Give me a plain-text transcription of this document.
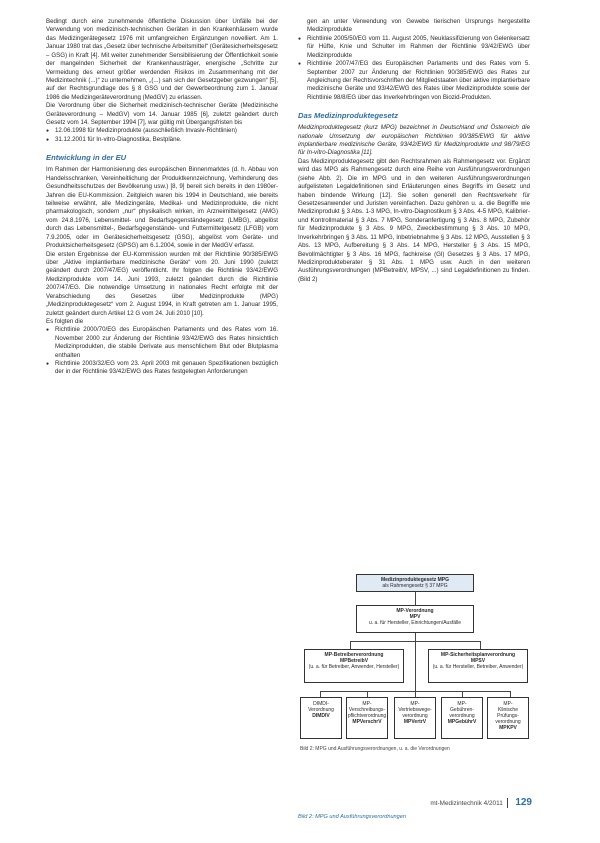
Bedingt durch eine zunehmende öffentliche Diskussion über Unfälle bei der Verwendung von medizinisch-technischen Geräten in den Krankenhäusern wurde das Medizingerätegesetz 1976 mit umfangreichen Ergänzungen novelliert. Am 1. Januar 1980 trat das „Gesetz über technische Arbeitsmittel“ (Gerätesicherheitsgesetz – GSG) in Kraft [4]. Mit weiter zunehmender Sensibilisierung der Öffentlichkeit sowie der mangelnden Sicherheit der Krankenhausträger, energische „Schritte zur Vermeidung des erneut größer werdenden Risikos im Zusammenhang mit der Medizintechnik (...)“ zu unternehmen, „(...) sah sich der Gesetzgeber gezwungen“ [5], auf der Rechtsgrundlage des § 8 GSG und der Gewerbeordnung zum 1. Januar 1986 die Medizingeräteverordnung (MedGV) zu erlassen.

Die Verordnung über die Sicherheit medizinisch-technischer Geräte (Medizinische Geräteverordnung – MedGV) vom 14. Januar 1985 [6], zuletzt geändert durch Gesetz vom 14. September 1994 [7], war gültig mit Übergangsfristen bis

● 12.06.1998 für Medizinprodukte (ausschließlich Invasiv-Richtlinien)

● 31.12.2001 für In-vitro-Diagnostika, Bestpläne.

Entwicklung in der EU

Im Rahmen der Harmonisierung des europäischen Binnenmarktes (d. h. Abbau von Handelsschranken, Vereinheitlichung der Produktkennzeichnung, Verhinderung des Gesundheitsschutzes der Bevölkerung usw.) [8, 9] bereit sich bereits in den 1980er-Jahren die EU-Kommission. Zeitgleich waren bis 1994 in Deutschland, wie bereits teilweise erwähnt, alle Medizingeräte, Medikal- und Medizinprodukte, die nicht pharmakologisch, sondern „nur“ physikalisch wirken, im Arzneimittelgesetz (AMG) vom 24.8.1976, Lebensmittel- und Bedarfsgegenständegesetz (LMBG), abgelöst durch das Lebensmittel-, Bedarfsgegenstände- und Futtermittelgesetz (LFGB) vom 7.9.2005, oder im Gerätesicherheitsgesetz (GSG), abgelöst vom Geräte- und Produktsicherheitsgesetz (GPSG) am 6.1.2004, sowie in der MedGV erfasst.

Die ersten Ergebnisse der EU-Kommission wurden mit der Richtlinie 90/385/EWG über „Aktive implantierbare medizinische Geräte“ vom 20. Juni 1990 (zuletzt geändert durch 2007/47/EG) veröffentlicht. Ihr folgten die Richtlinie 93/42/EWG Medizinprodukte vom 14. Juni 1993, zuletzt geändert durch die Richtlinie 2007/47/EG. Die notwendige Umsetzung in nationales Recht erfolgte mit der Verabschiedung des Gesetzes über Medizinprodukte (MPG) „Medizinproduktegesetz“ vom 2. August 1994, in Kraft getreten am 1. Januar 1995, zuletzt geändert durch Artikel 12 G vom 24. Juli 2010 [10].

Es folgten die

● Richtlinie 2000/70/EG des Europäischen Parlaments und des Rates vom 16. November 2000 zur Änderung der Richtlinie 93/42/EWG des Rates hinsichtlich Medizinprodukten, die stabile Derivate aus menschlichem Blut oder Blutplasma enthalten

● Richtlinie 2003/32/EG vom 23. April 2003 mit genauen Spezifikationen bezüglich der in der Richtlinie 93/42/EWG des Rates festgelegten Anforderungen

gen an unter Verwendung von Gewebe tierischen Ursprungs hergestellte Medizinprodukte

● Richtlinie 2005/50/EG vom 11. August 2005, Neuklassifizierung von Gelenkersatz für Hüfte, Knie und Schulter im Rahmen der Richtlinie 93/42/EWG über Medizinprodukte

● Richtlinie 2007/47/EG des Europäischen Parlaments und des Rates vom 5. September 2007 zur Änderung der Richtlinien 90/385/EWG des Rates zur Angleichung der Rechtsvorschriften der Mitgliedstaaten über aktive implantierbare medizinische Geräte und 93/42/EWG des Rates über Medizinprodukte sowie der Richtlinie 98/8/EG über das Inverkehrbringen von Biozid-Produkten.

Das Medizinproduktegesetz

Medizinproduktegesetz (kurz MPG) bezeichnet in Deutschland und Österreich die nationale Umsetzung der europäischen Richtlinien 90/385/EWG für aktive implantierbare medizinische Geräte, 93/42/EWG für Medizinprodukte und 98/79/EG für In-vitro-Diagnostika [11].

Das Medizinproduktegesetz gibt den Rechtsrahmen als Rahmengesetz vor. Ergänzt wird das MPG als Rahmengesetz durch eine Reihe von Ausführungsverordnungen (siehe Abb. 2). Die im MPG und in den weiteren Ausführungsverordnungen aufgelisteten Legaldefinitionen sind Erläuterungen eines Begriffs im Gesetz und haben bindende Wirkung [12]. Sie sollen generell den Rechtsverkehr für Gesetzesanwender und Juristen vereinfachen. Dazu gehören u. a. die Begriffe wie Medizinprodukt § 3 Abs. 1-3 MPG, In-vitro-Diagnostikum § 3 Abs. 4-5 MPG, Kalibrier- und Kontrollmaterial § 3 Abs. 7 MPG, Sonderanfertigung § 3 Abs. 8 MPG, Zubehör für Medizinprodukte § 3 Abs. 9 MPG, Zweckbestimmung § 3 Abs. 10 MPG, Inverkehrbringen § 3 Abs. 11 MPG, Inbetriebnahme § 3 Abs. 12 MPG, Ausstellen § 3 Abs. 13 MPG, Aufbereitung § 3 Abs. 14 MPG, Hersteller § 3 Abs. 15 MPG, Bevollmächtigter § 3 Abs. 16 MPG, fachkreise (Gl) Gesetzes § 3 Abs. 17 MPG, Medizinprodukteberater § 31 Abs. 1 MPG usw. Auch in den weiteren Ausführungsverordnungen (MPBetreibV, MPSV, ...) sind Legaldefinitionen zu finden. (Bild 2)

Medizinproduktegesetz MPG
als Rahmengesetz § 37 MPG
MP-Verordnung
MPV
u. a. für Hersteller, Einrichtungen/Ausfälle
MP-Betreiberverordnung
MPBetreibV
(u. a. für Betreiber, Anwender, Hersteller)
MP-Sicherheitsplanverordnung
MPSV
(u. a. für Hersteller, Betreiber, Anwender)
DIMDI-
Verordnung
DIMDIV
MP-
Verschreibungs-pflichtverordnung
MPVerschrV
MP-
Vertriebswege-verordnung
MPVertrV
MP-
Gebühren-verordnung
MPGebührV
MP-
Klinische Prüfungs-verordnung
MPKPV
Bild 2: MPG und Ausführungsverordnungen, u. a. die Verordnungen
Bild 2: MPG und Ausführungsverordnungen
mt-Medizintechnik 4/2011 129
